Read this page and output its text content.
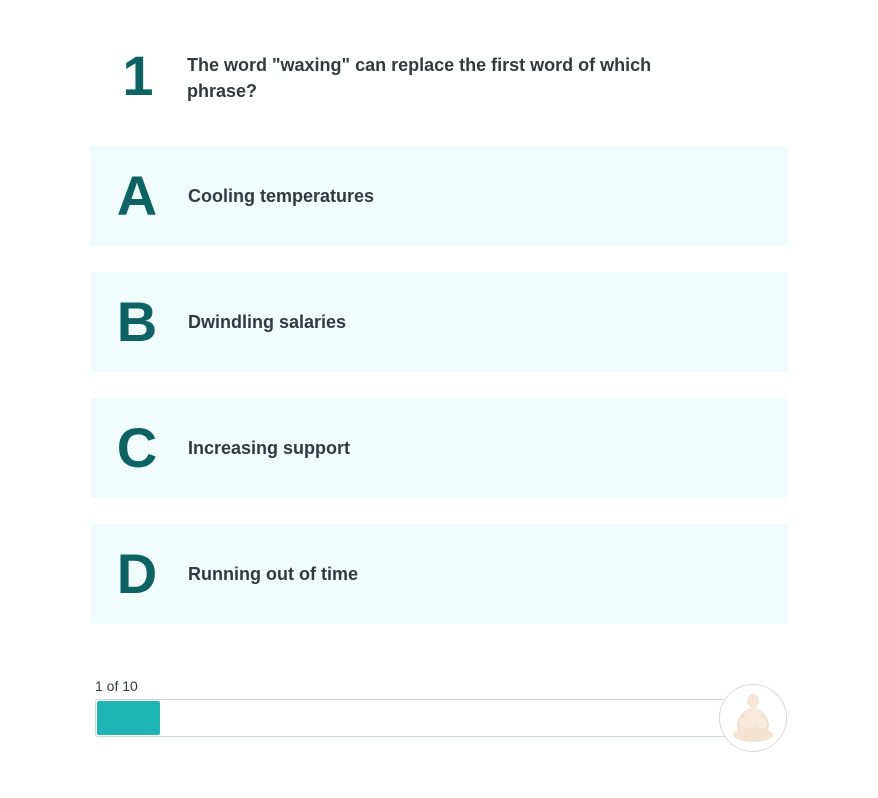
1 The word "waxing" can replace the first word of which phrase?
A Cooling temperatures
B Dwindling salaries
C Increasing support
D Running out of time
1 of 10
